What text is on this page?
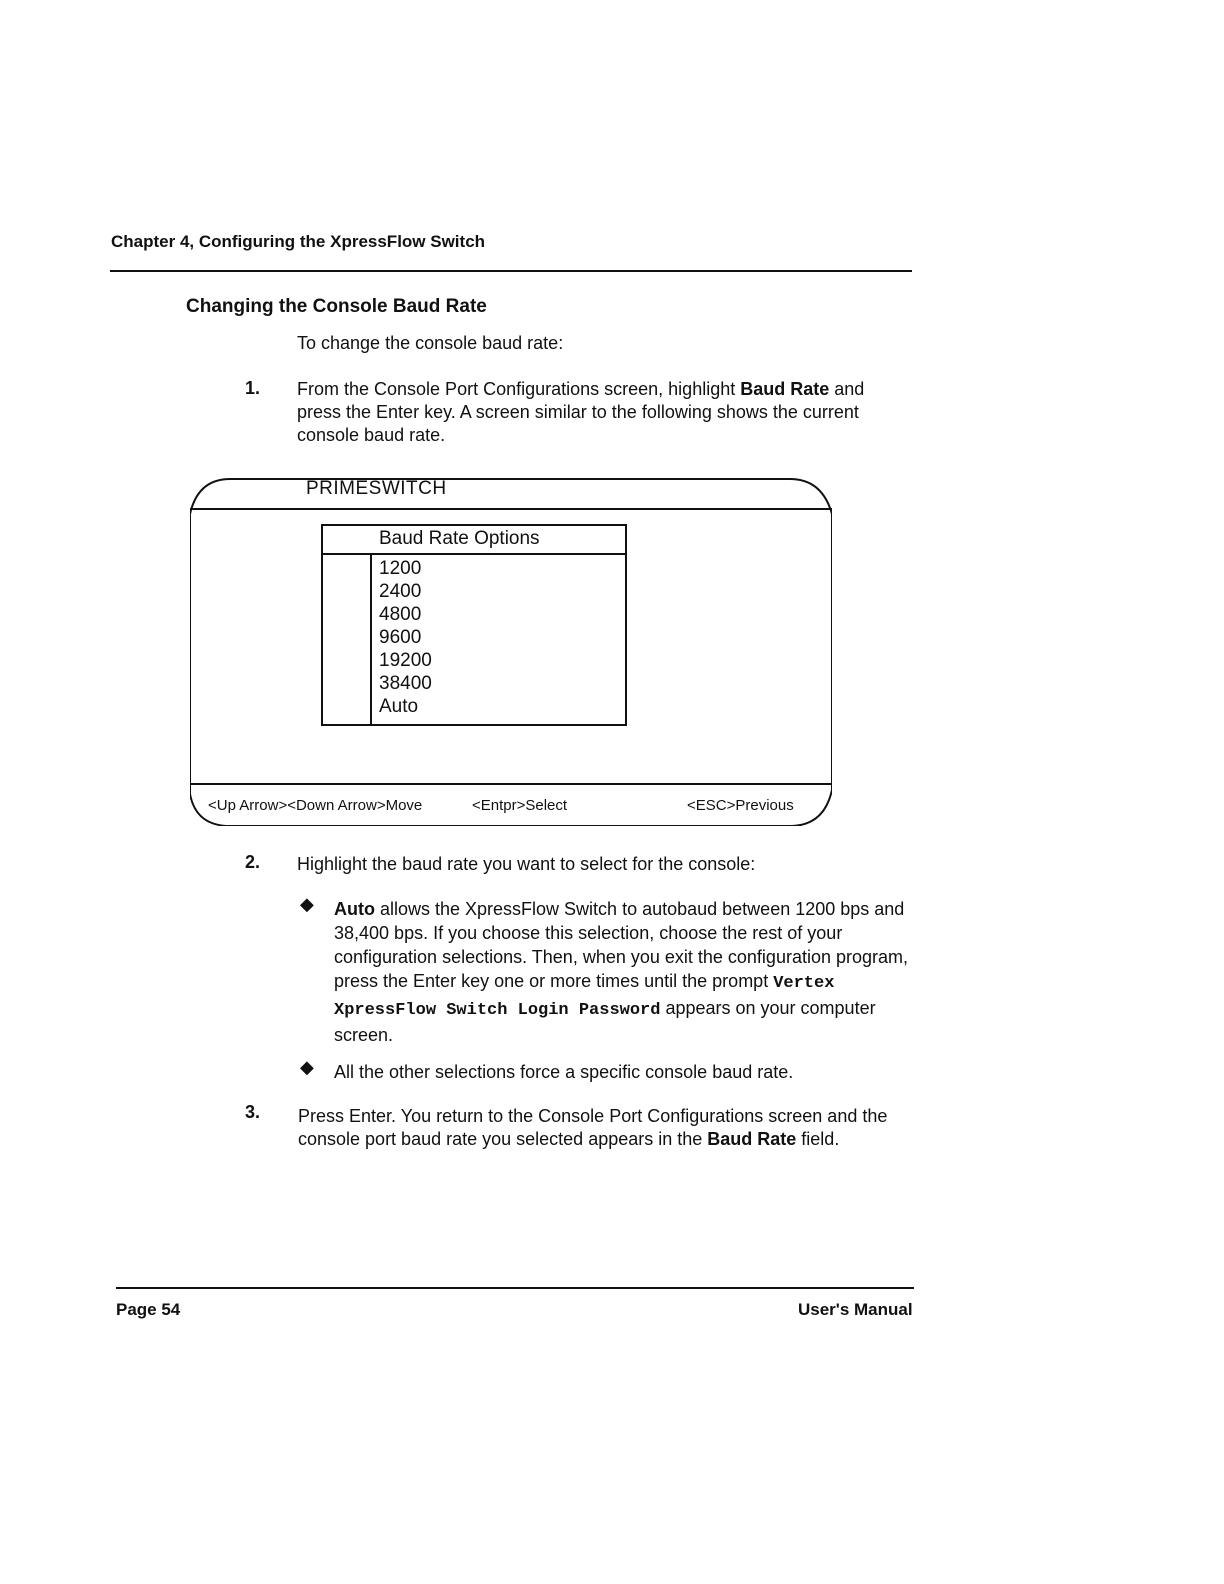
Chapter 4, Configuring the XpressFlow Switch
Changing the Console Baud Rate
To change the console baud rate:
1. From the Console Port Configurations screen, highlight Baud Rate and press the Enter key. A screen similar to the following shows the current console baud rate.
PRIMESWITCH
Baud Rate Options
1200
2400
4800
9600
19200
38400
Auto
<Up Arrow><Down Arrow>Move	<Entpr>Select	<ESC>Previous
2. Highlight the baud rate you want to select for the console:
◆ Auto allows the XpressFlow Switch to autobaud between 1200 bps and 38,400 bps. If you choose this selection, choose the rest of your configuration selections. Then, when you exit the configuration program, press the Enter key one or more times until the prompt Vertex XpressFlow Switch Login Password appears on your computer screen.
◆ All the other selections force a specific console baud rate.
3. Press Enter. You return to the Console Port Configurations screen and the console port baud rate you selected appears in the Baud Rate field.
Page 54	User's Manual
